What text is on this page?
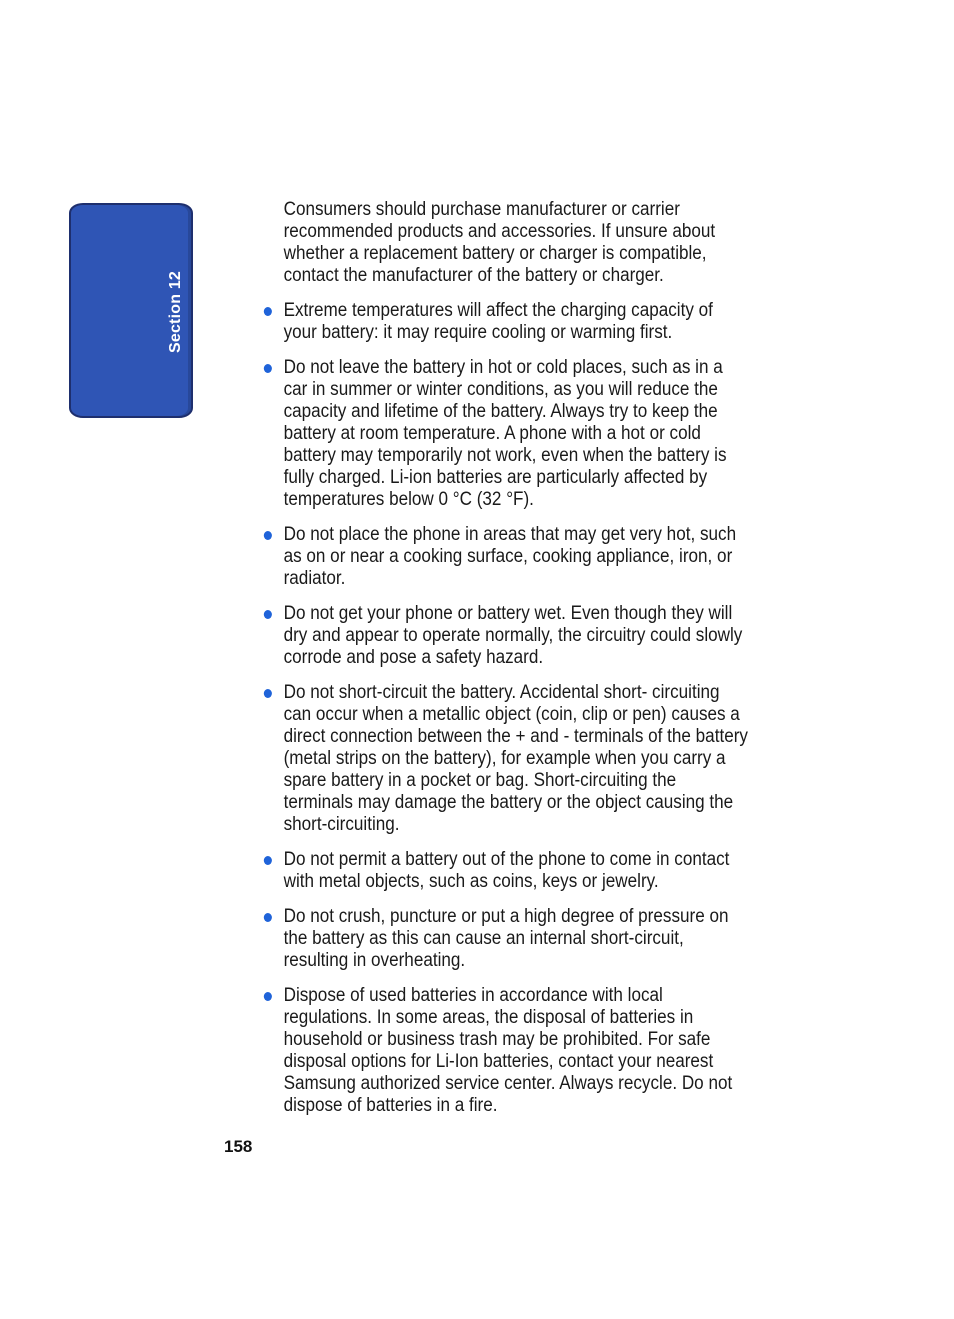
Section 12

Consumers should purchase manufacturer or carrier recommended products and accessories. If unsure about whether a replacement battery or charger is compatible, contact the manufacturer of the battery or charger.

Extreme temperatures will affect the charging capacity of your battery: it may require cooling or warming first.
Do not leave the battery in hot or cold places, such as in a car in summer or winter conditions, as you will reduce the capacity and lifetime of the battery. Always try to keep the battery at room temperature. A phone with a hot or cold battery may temporarily not work, even when the battery is fully charged. Li-ion batteries are particularly affected by temperatures below 0 °C (32 °F).
Do not place the phone in areas that may get very hot, such as on or near a cooking surface, cooking appliance, iron, or radiator.
Do not get your phone or battery wet. Even though they will dry and appear to operate normally, the circuitry could slowly corrode and pose a safety hazard.
Do not short-circuit the battery. Accidental short- circuiting can occur when a metallic object (coin, clip or pen) causes a direct connection between the + and - terminals of the battery (metal strips on the battery), for example when you carry a spare battery in a pocket or bag. Short-circuiting the terminals may damage the battery or the object causing the short-circuiting.
Do not permit a battery out of the phone to come in contact with metal objects, such as coins, keys or jewelry.
Do not crush, puncture or put a high degree of pressure on the battery as this can cause an internal short-circuit, resulting in overheating.
Dispose of used batteries in accordance with local regulations. In some areas, the disposal of batteries in household or business trash may be prohibited. For safe disposal options for Li-Ion batteries, contact your nearest Samsung authorized service center. Always recycle. Do not dispose of batteries in a fire.
158
